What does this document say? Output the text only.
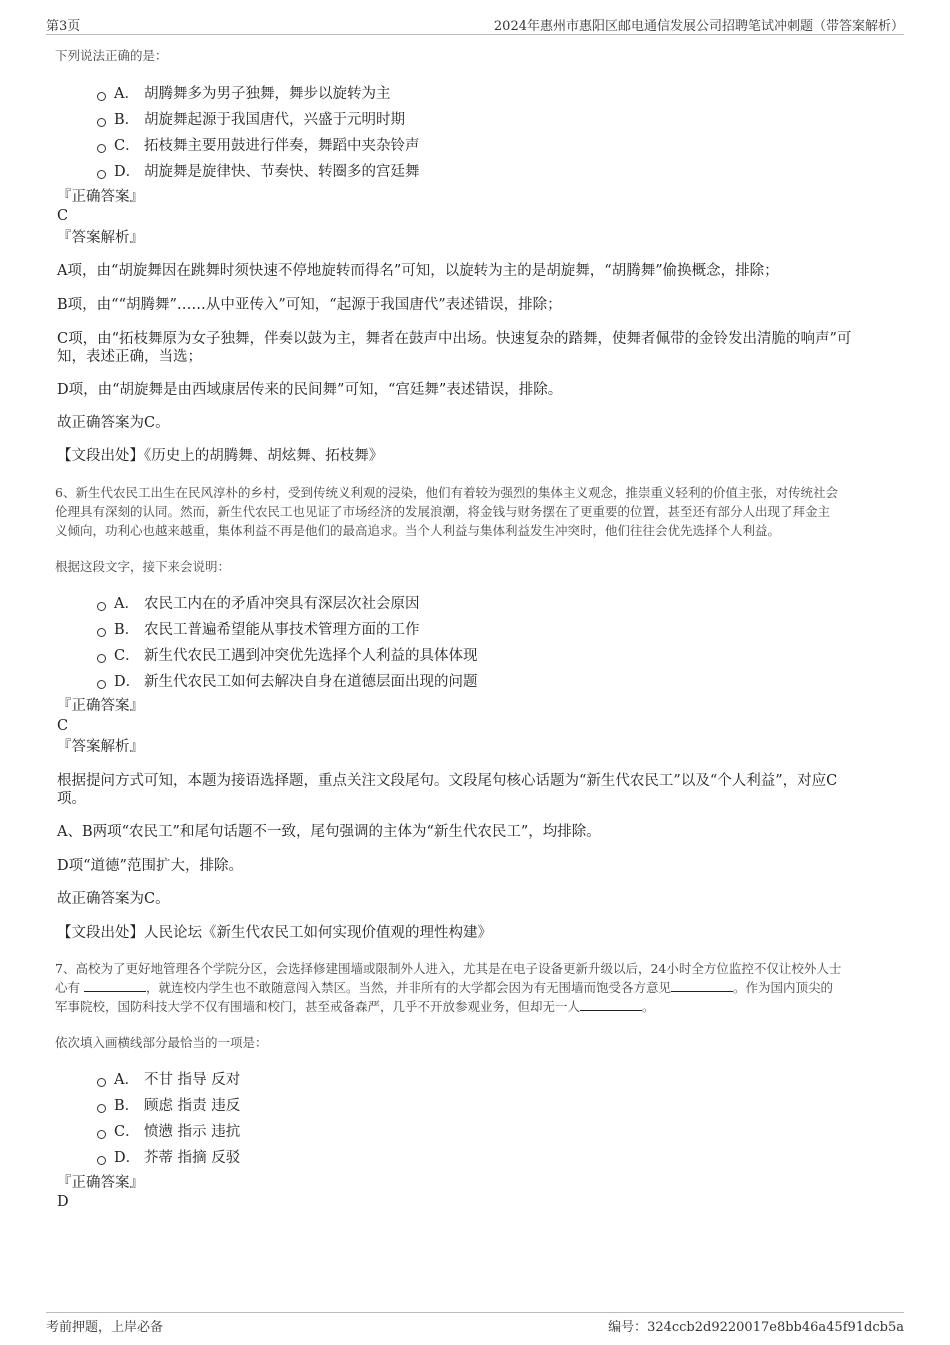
第3页	2024年惠州市惠阳区邮电通信发展公司招聘笔试冲刺题（带答案解析）
下列说法正确的是：
A． 胡腾舞多为男子独舞，舞步以旋转为主
B． 胡旋舞起源于我国唐代，兴盛于元明时期
C． 拓枝舞主要用鼓进行伴奏，舞蹈中夹杂铃声
D． 胡旋舞是旋律快、节奏快、转圈多的宫廷舞
『正确答案』
C
『答案解析』
A项，由“胡旋舞因在跳舞时须快速不停地旋转而得名”可知，以旋转为主的是胡旋舞，“胡腾舞”偷换概念，排除；
B项，由““胡腾舞”……从中亚传入”可知，“起源于我国唐代”表述错误，排除；
C项，由“拓枝舞原为女子独舞，伴奏以鼓为主，舞者在鼓声中出场。快速复杂的踏舞，使舞者佩带的金铃发出清脆的响声”可
知，表述正确，当选；
D项，由“胡旋舞是由西域康居传来的民间舞”可知，“宫廷舞”表述错误，排除。
故正确答案为C。
【文段出处】《历史上的胡腾舞、胡炫舞、拓枝舞》
6、新生代农民工出生在民风淳朴的乡村，受到传统义利观的浸染，他们有着较为强烈的集体主义观念，推崇重义轻利的价值主张，对传统社会
伦理具有深刻的认同。然而，新生代农民工也见证了市场经济的发展浪潮，将金钱与财务摆在了更重要的位置，甚至还有部分人出现了拜金主
义倾向，功利心也越来越重，集体利益不再是他们的最高追求。当个人利益与集体利益发生冲突时，他们往往会优先选择个人利益。
根据这段文字，接下来会说明：
A． 农民工内在的矛盾冲突具有深层次社会原因
B． 农民工普遍希望能从事技术管理方面的工作
C． 新生代农民工遇到冲突优先选择个人利益的具体体现
D． 新生代农民工如何去解决自身在道德层面出现的问题
『正确答案』
C
『答案解析』
根据提问方式可知，本题为接语选择题，重点关注文段尾句。文段尾句核心话题为“新生代农民工”以及“个人利益”，对应C
项。
A、B两项“农民工”和尾句话题不一致，尾句强调的主体为“新生代农民工”，均排除。
D项“道德”范围扩大，排除。
故正确答案为C。
【文段出处】人民论坛《新生代农民工如何实现价值观的理性构建》
7、高校为了更好地管理各个学院分区，会选择修建围墙或限制外人进入，尤其是在电子设备更新升级以后，24小时全方位监控不仅让校外人士
心有	，就连校内学生也不敢随意闯入禁区。当然，并非所有的大学都会因为有无围墙而饱受各方意见	。作为国内顶尖的
军事院校，国防科技大学不仅有围墙和校门，甚至戒备森严，几乎不开放参观业务，但却无一人	。
依次填入画横线部分最恰当的一项是：
A． 不甘 指导 反对
B． 顾虑 指责 违反
C． 愤懑 指示 违抗
D． 芥蒂 指摘 反驳
『正确答案』
D
考前押题，上岸必备	编号：324ccb2d9220017e8bb46a45f91dcb5a
